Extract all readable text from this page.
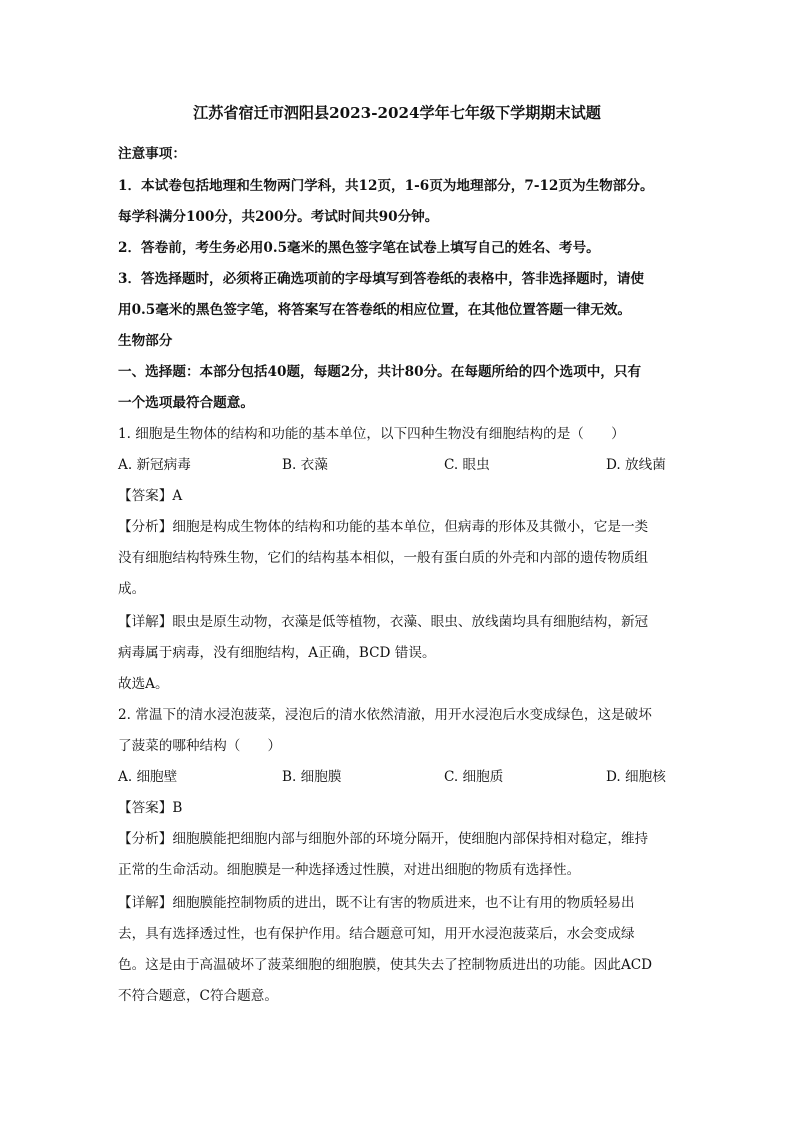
江苏省宿迁市泗阳县2023-2024学年七年级下学期期末试题
注意事项：
1．本试卷包括地理和生物两门学科，共12页，1-6页为地理部分，7-12页为生物部分。
每学科满分100分，共200分。考试时间共90分钟。
2．答卷前，考生务必用0.5毫米的黑色签字笔在试卷上填写自己的姓名、考号。
3．答选择题时，必须将正确选项前的字母填写到答卷纸的表格中，答非选择题时，请使
用0.5毫米的黑色签字笔，将答案写在答卷纸的相应位置，在其他位置答题一律无效。
生物部分
一、选择题：本部分包括40题，每题2分，共计80分。在每题所给的四个选项中，只有
一个选项最符合题意。
1. 细胞是生物体的结构和功能的基本单位，以下四种生物没有细胞结构的是（　　）
A. 新冠病毒	B. 衣藻	C. 眼虫	D. 放线菌
【答案】A
【分析】细胞是构成生物体的结构和功能的基本单位，但病毒的形体及其微小，它是一类
没有细胞结构特殊生物，它们的结构基本相似，一般有蛋白质的外壳和内部的遗传物质组
成。
【详解】眼虫是原生动物，衣藻是低等植物，衣藻、眼虫、放线菌均具有细胞结构，新冠
病毒属于病毒，没有细胞结构，A正确，BCD 错误。
故选A。
2. 常温下的清水浸泡菠菜，浸泡后的清水依然清澈，用开水浸泡后水变成绿色，这是破坏
了菠菜的哪种结构（　　）
A. 细胞壁	B. 细胞膜	C. 细胞质	D. 细胞核
【答案】B
【分析】细胞膜能把细胞内部与细胞外部的环境分隔开，使细胞内部保持相对稳定，维持
正常的生命活动。细胞膜是一种选择透过性膜，对进出细胞的物质有选择性。
【详解】细胞膜能控制物质的进出，既不让有害的物质进来，也不让有用的物质轻易出
去，具有选择透过性，也有保护作用。结合题意可知，用开水浸泡菠菜后，水会变成绿
色。这是由于高温破坏了菠菜细胞的细胞膜，使其失去了控制物质进出的功能。因此ACD
不符合题意，C符合题意。
